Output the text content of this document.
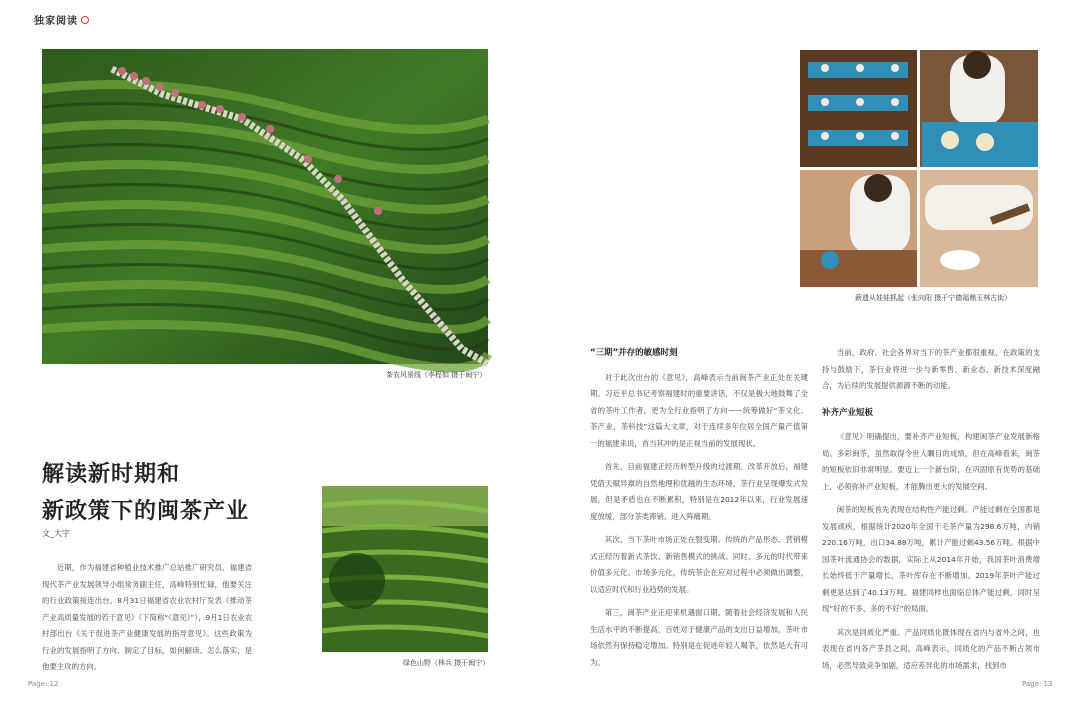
独家阅读
茶农风景线（李程如 摄于闽宁）
薪遗从娃娃抓起（张向阳 摄于宁德福鼎玉林古街）
绿色山野（林兵 摄于闽宁）
解读新时期和
新政策下的闽茶产业
文_大宇

近期，作为福建省种植业技术推广总站推广研究员、福建省现代茶产业发展领导小组常务副主任，高峰特别忙碌，他要关注的行业政策接连出台。8月31日福建省农业农村厅发表《推动茶产业高质量发展的若干意见》（下简称“《意见》”），9月1日农业农村部出台《关于促进茶产业健康发展的指导意见》。这些政策为行业的发展指明了方向、制定了目标，如何解读、怎么落实，是他要主攻的方向。

“三期”并存的敏感时刻

对于此次出台的《意见》，高峰表示当前闽茶产业正处在关键期。习近平总书记考察福建时的重要讲话，不仅是极大地鼓舞了全省的茶叶工作者，更为全行业指明了方向——统筹做好“茶文化、茶产业、茶科技”这篇大文章，对于连续多年位居全国产量产值第一的福建来说，首当其冲的是正视当前的发展现状。

首先，目前福建正经历转型升级的过渡期。改革开放后，福建凭借天赋异禀的自然地理和优越的生态环境，茶行业呈现爆发式发展，但是矛盾也在不断累积，特别是在2012年以来，行业发展速度放缓，部分茶类滞销、进入阵痛期。

其次，当下茶叶市场正处在裂变期。传统的产品形态、营销模式正经历着新式茶饮、新销售模式的挑战。同时，多元的时代带来价值多元化、市场多元化，传统茶企在应对过程中必须做出调整，以适应时代和行业趋势的发展。

第三，闽茶产业正迎来机遇窗口期。随着社会经济发展和人民生活水平的不断提高，百姓对于健康产品的支出日益增加，茶叶市场依然有保持稳定增加。特别是在促进年轻人喝茶，依然是大有可为。

当前，政府、社会各界对当下的茶产业都很重视，在政策的支持与鼓励下，茶行业将进一步与新零售、新业态、新技术深度融合，为后续的发展提供源源不断的动能。

补齐产业短板

《意见》明确提出，要补齐产业短板，构建闽茶产业发展新格局。多彩闽茶，虽然取得令世人瞩目的成绩，但在高峰看来，闽茶的短板依旧非常明显。要迈上一个新台阶，在巩固原有优势的基础上，必须弥补产业短板，才能腾出更大的发展空间。

闽茶的短板首先表现在结构性产能过剩。产能过剩在全国都是发展顽疾，根据统计2020年全国干毛茶产量为298.6万吨，内销220.16万吨，出口34.88万吨，累计产能过剩43.56万吨。根据中国茶叶流通协会的数据，实际上从2014年开始，我国茶叶消费增长始终低于产量增长，茶叶库存在不断增加。2019年茶叶产能过剩更是达到了40.13万吨。福建同样也面临总体产能过剩，同时呈现“好的不多、多的不好”的局面。

其次是同质化严重。产品同质化既体现在省内与省外之间，也表现在省内各产茶县之间。高峰表示，同质化的产品不断占领市场，必然导致竞争加剧，适应差异化的市场需求，找到市

Page: 12	Page: 13
